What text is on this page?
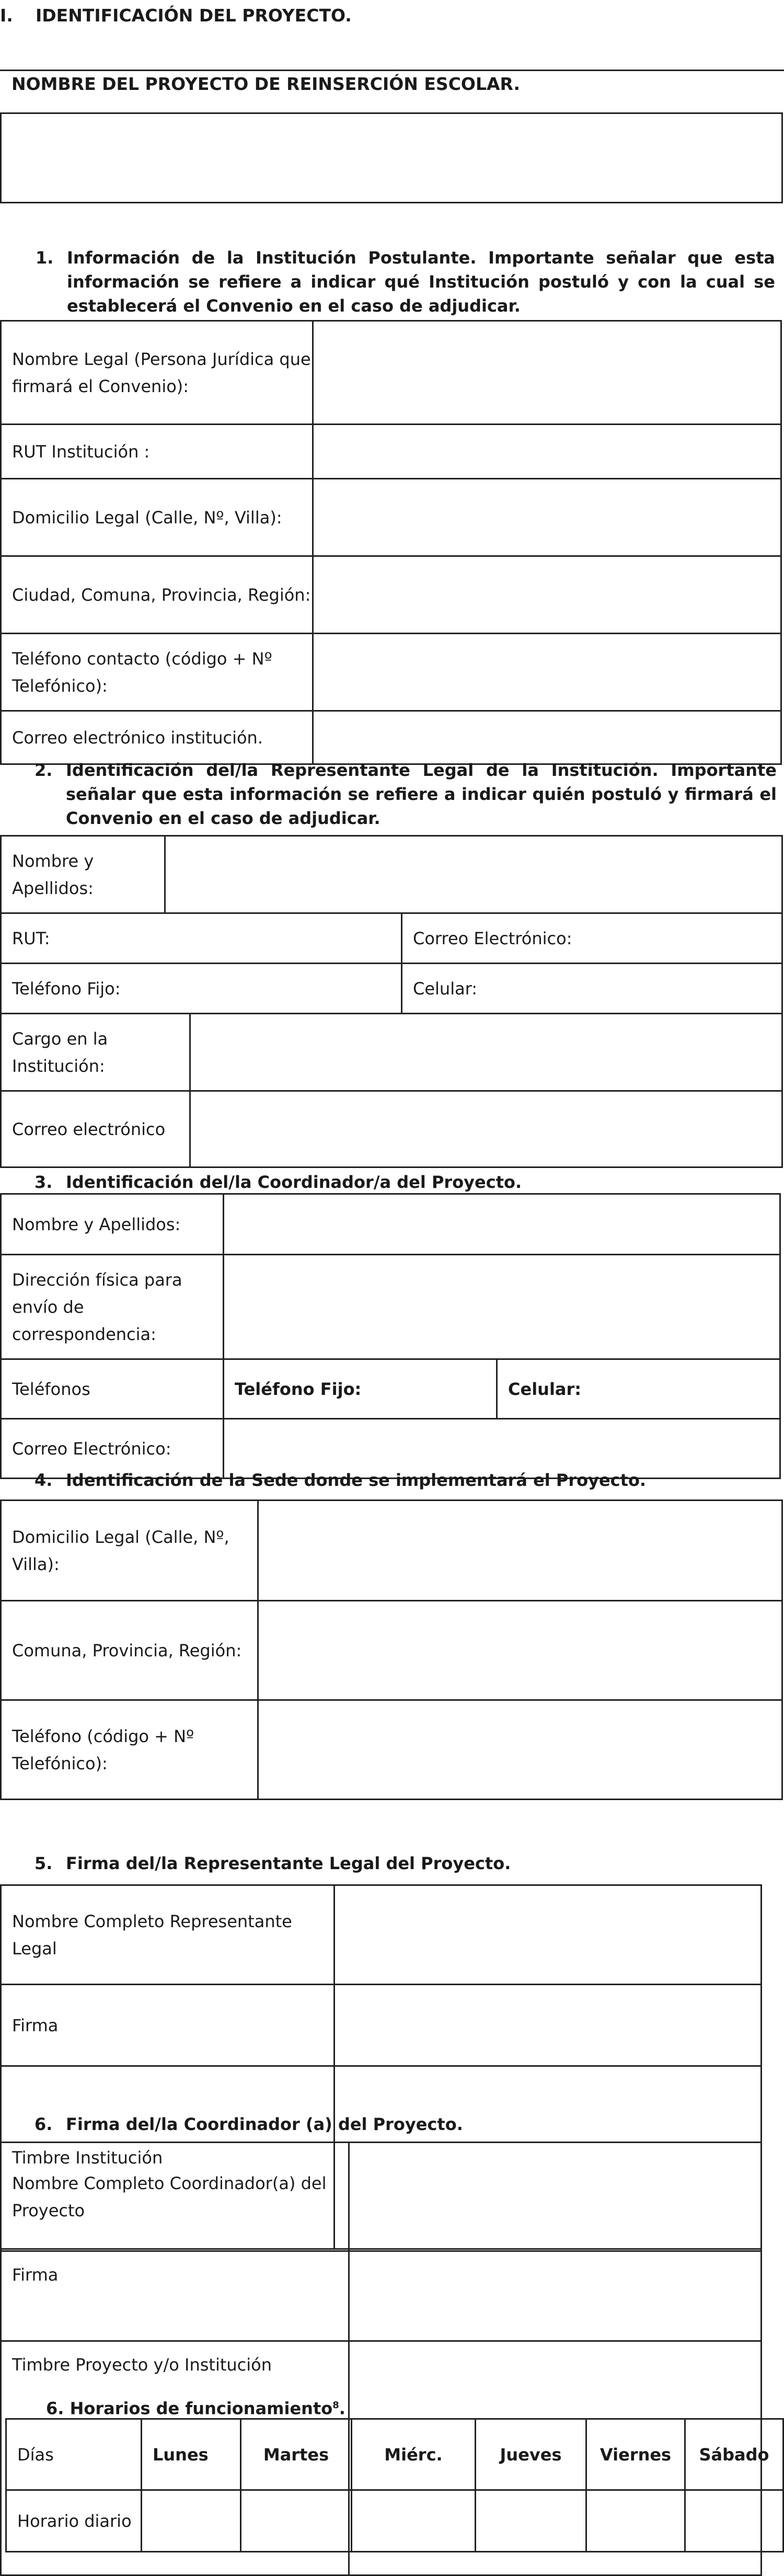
I. IDENTIFICACIÓN DEL PROYECTO.
NOMBRE DEL PROYECTO DE REINSERCIÓN ESCOLAR.
1. Información de la Institución Postulante. Importante señalar que esta información se refiere a indicar qué Institución postuló y con la cual se establecerá el Convenio en el caso de adjudicar.
Nombre Legal (Persona Jurídica que firmará el Convenio):	
RUT Institución :	
Domicilio Legal (Calle, Nº, Villa):	
Ciudad, Comuna, Provincia, Región:	
Teléfono contacto (código + Nº Telefónico):	
Correo electrónico institución.	
2. Identificación del/la Representante Legal de la Institución. Importante señalar que esta información se refiere a indicar quién postuló y firmará el Convenio en el caso de adjudicar.
Nombre y Apellidos:	
RUT:	Correo Electrónico:
Teléfono Fijo:	Celular:
Cargo en la Institución:	
Correo electrónico	
3. Identificación del/la Coordinador/a del Proyecto.
Nombre y Apellidos:		
Dirección física para envío de correspondencia:		
Teléfonos	Teléfono Fijo:	Celular:
Correo Electrónico:		
4. Identificación de la Sede donde se implementará el Proyecto.
Domicilio Legal (Calle, Nº, Villa):	
Comuna, Provincia, Región:	
Teléfono (código + Nº Telefónico):	
5. Firma del/la Representante Legal del Proyecto.
Nombre Completo Representante Legal	
Firma	
Timbre Institución	
6. Firma del/la Coordinador (a) del Proyecto.
Nombre Completo Coordinador(a) del Proyecto	
Firma	
Timbre Proyecto y/o Institución	
6. Horarios de funcionamiento$^8$.
Días	Lunes	Martes	Miérc.	Jueves	Viernes	Sábado
Horario diario						
